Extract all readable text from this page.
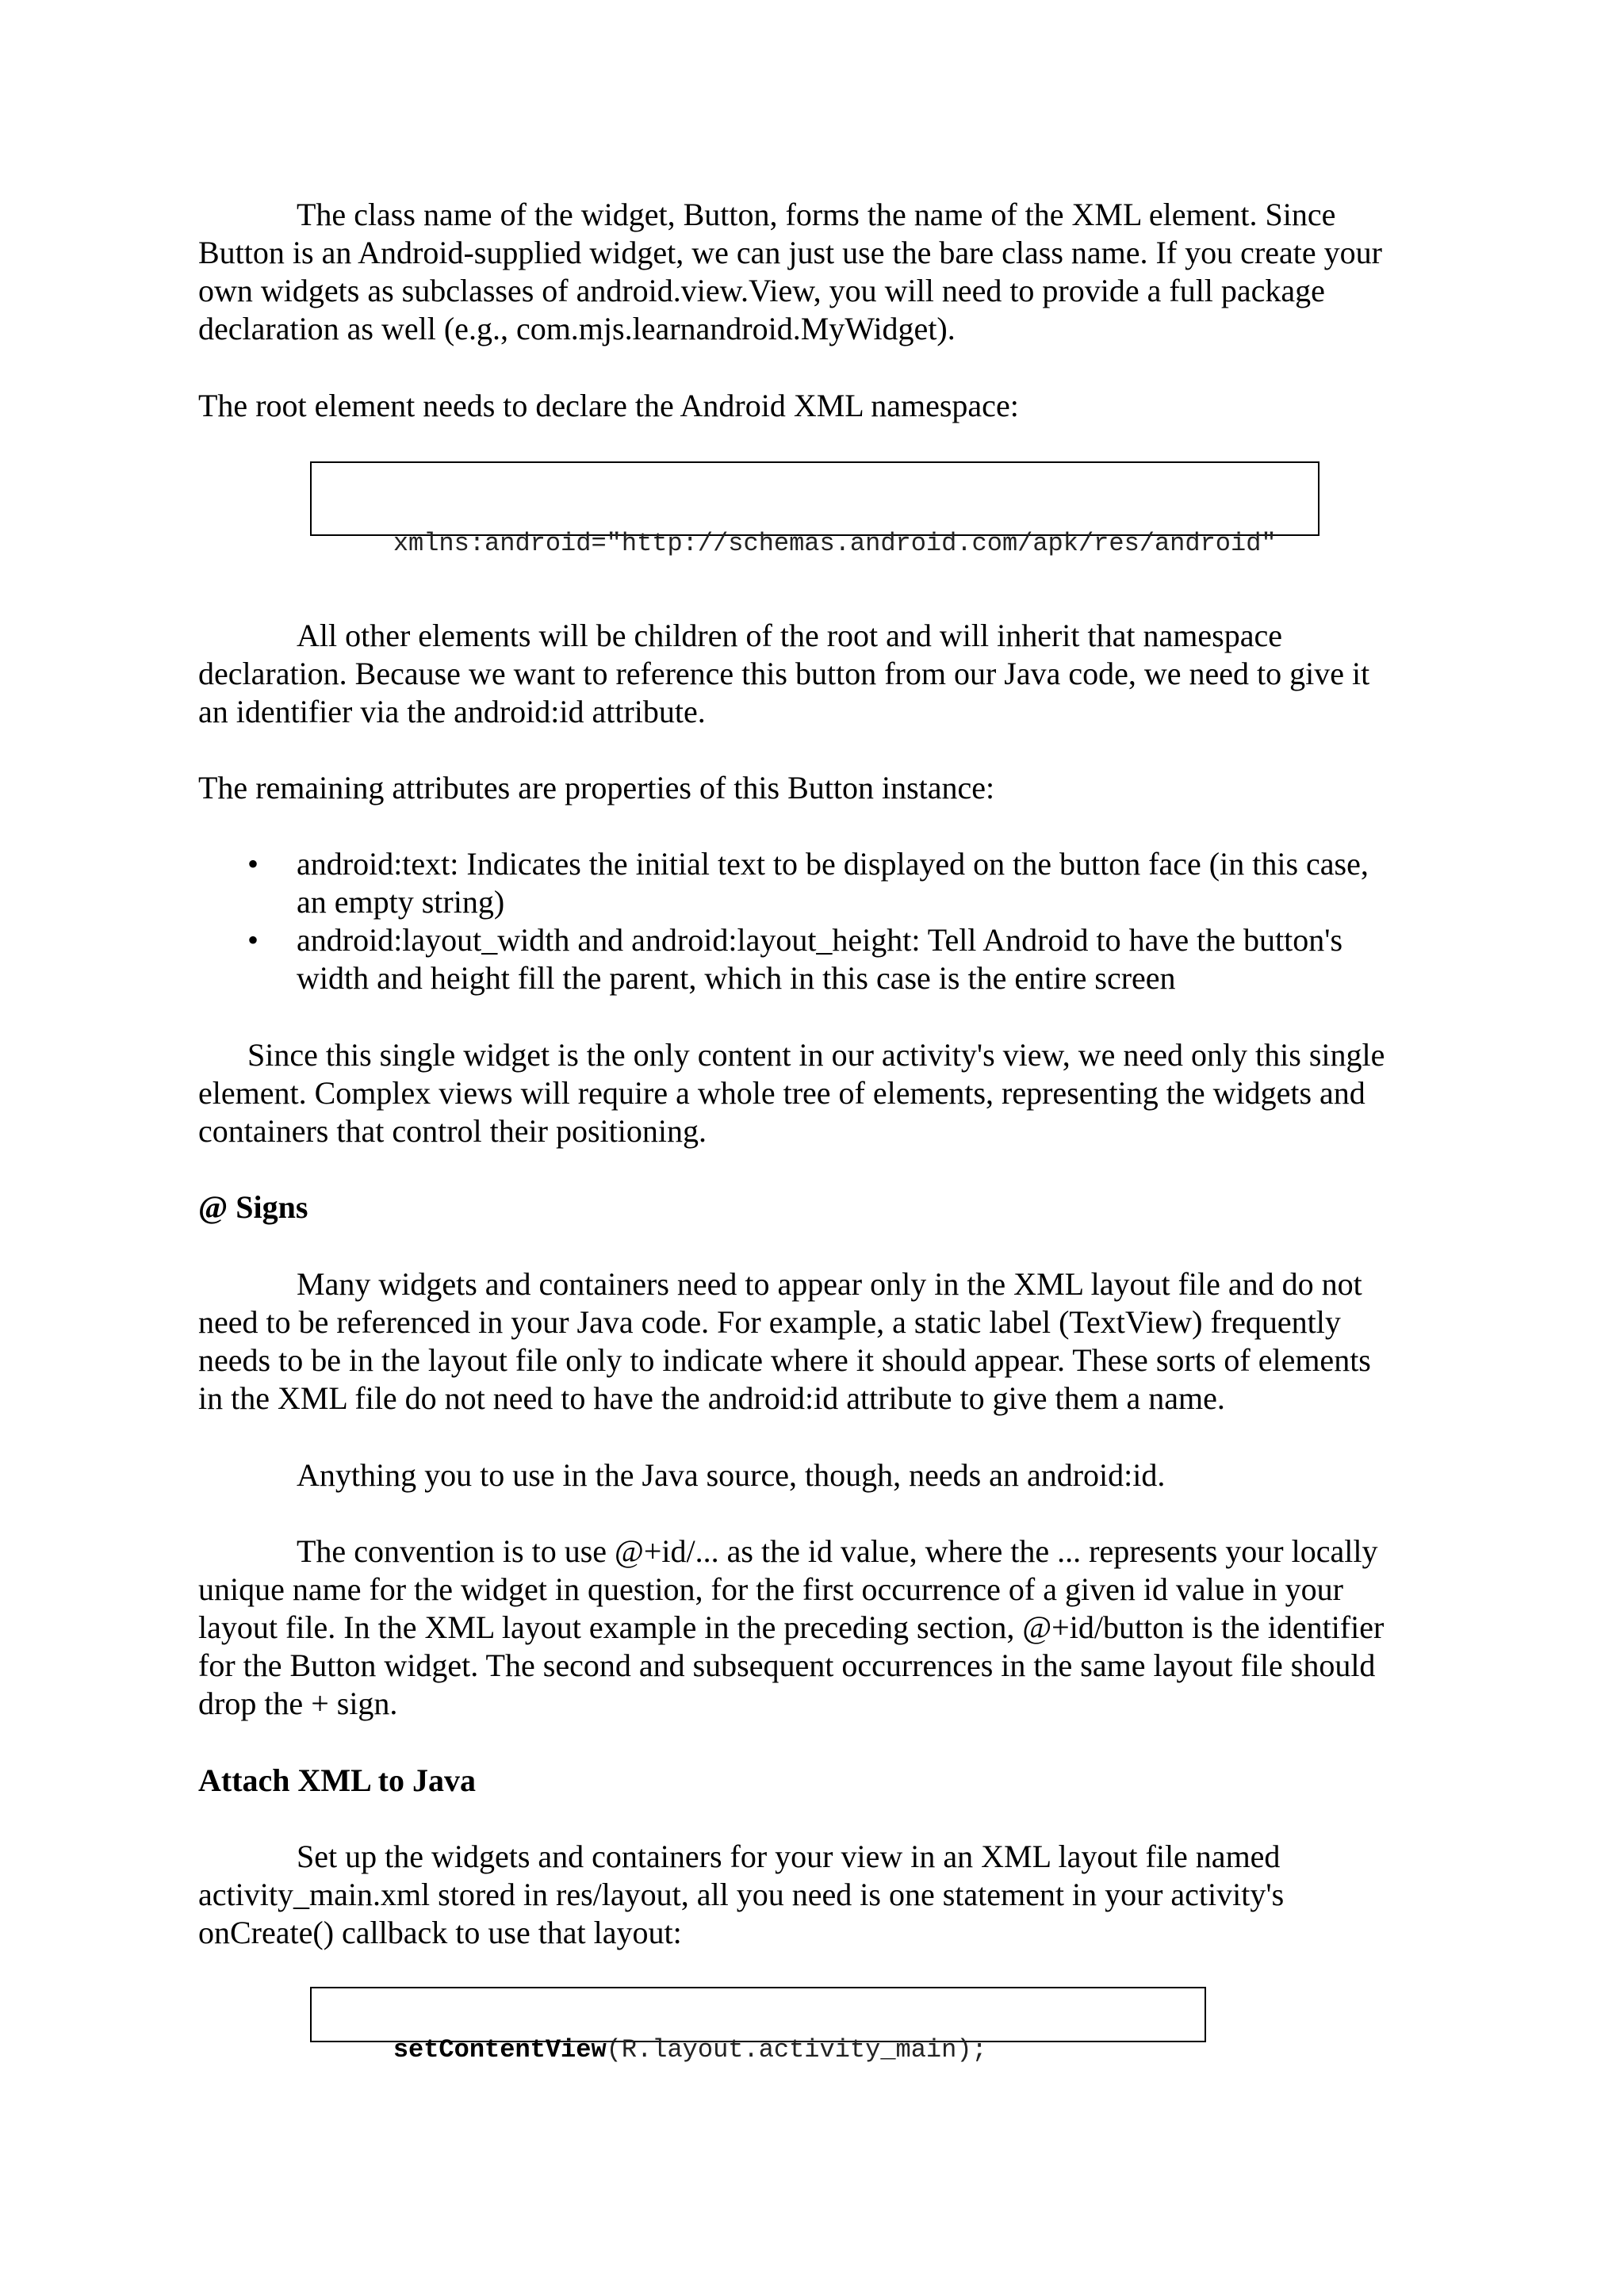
The class name of the widget, Button, forms the name of the XML element. Since
Button is an Android-supplied widget, we can just use the bare class name. If you create your
own widgets as subclasses of android.view.View, you will need to provide a full package
declaration as well (e.g., com.mjs.learnandroid.MyWidget).

The root element needs to declare the Android XML namespace:

xmlns:android="http://schemas.android.com/apk/res/android"

All other elements will be children of the root and will inherit that namespace
declaration. Because we want to reference this button from our Java code, we need to give it
an identifier via the android:id attribute.

The remaining attributes are properties of this Button instance:

• android:text: Indicates the initial text to be displayed on the button face (in this case,
an empty string)
• android:layout_width and android:layout_height: Tell Android to have the button's
width and height fill the parent, which in this case is the entire screen

Since this single widget is the only content in our activity's view, we need only this single
element. Complex views will require a whole tree of elements, representing the widgets and
containers that control their positioning.

@ Signs

Many widgets and containers need to appear only in the XML layout file and do not
need to be referenced in your Java code. For example, a static label (TextView) frequently
needs to be in the layout file only to indicate where it should appear. These sorts of elements
in the XML file do not need to have the android:id attribute to give them a name.

Anything you to use in the Java source, though, needs an android:id.

The convention is to use @+id/... as the id value, where the ... represents your locally
unique name for the widget in question, for the first occurrence of a given id value in your
layout file. In the XML layout example in the preceding section, @+id/button is the identifier
for the Button widget. The second and subsequent occurrences in the same layout file should
drop the + sign.

Attach XML to Java

Set up the widgets and containers for your view in an XML layout file named
activity_main.xml stored in res/layout, all you need is one statement in your activity's
onCreate() callback to use that layout:

setContentView(R.layout.activity_main);
